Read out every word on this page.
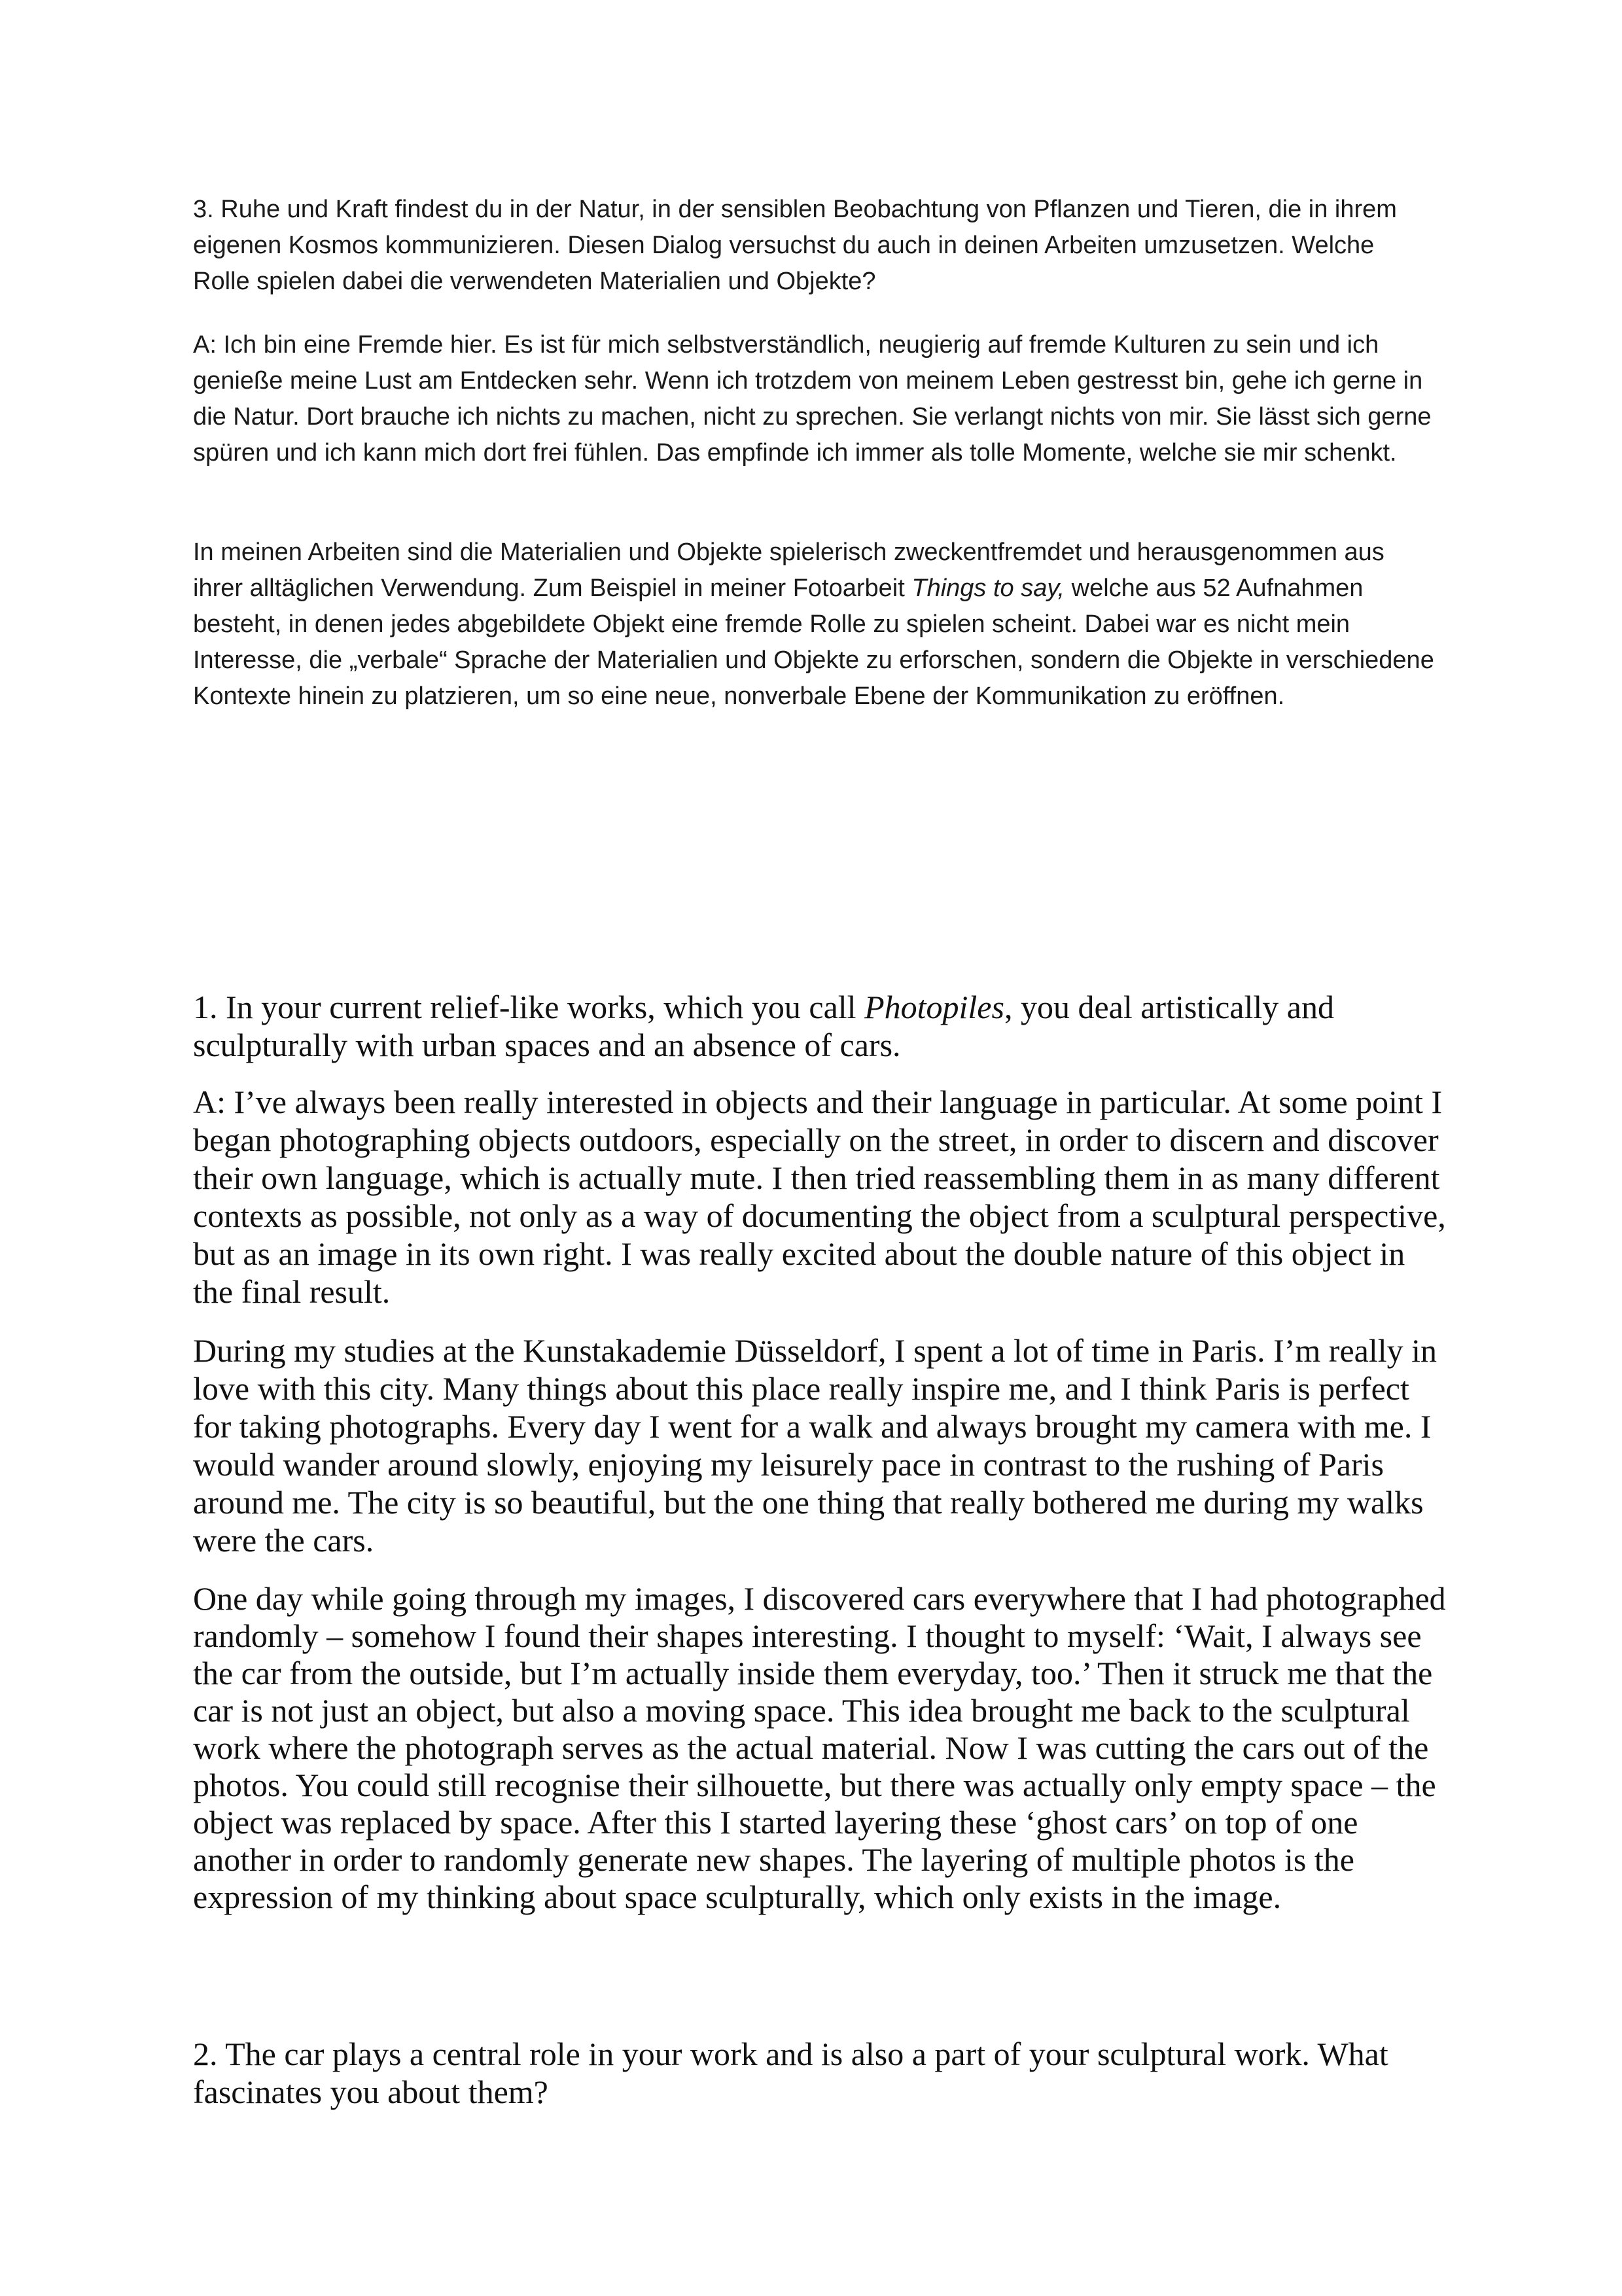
3. Ruhe und Kraft findest du in der Natur, in der sensiblen Beobachtung von Pflanzen und Tieren, die in ihrem eigenen Kosmos kommunizieren. Diesen Dialog versuchst du auch in deinen Arbeiten umzusetzen. Welche Rolle spielen dabei die verwendeten Materialien und Objekte?

A: Ich bin eine Fremde hier. Es ist für mich selbstverständlich, neugierig auf fremde Kulturen zu sein und ich genieße meine Lust am Entdecken sehr. Wenn ich trotzdem von meinem Leben gestresst bin, gehe ich gerne in die Natur. Dort brauche ich nichts zu machen, nicht zu sprechen. Sie verlangt nichts von mir. Sie lässt sich gerne spüren und ich kann mich dort frei fühlen. Das empfinde ich immer als tolle Momente, welche sie mir schenkt.

In meinen Arbeiten sind die Materialien und Objekte spielerisch zweckentfremdet und herausgenommen aus ihrer alltäglichen Verwendung. Zum Beispiel in meiner Fotoarbeit Things to say, welche aus 52 Aufnahmen besteht, in denen jedes abgebildete Objekt eine fremde Rolle zu spielen scheint. Dabei war es nicht mein Interesse, die „verbale“ Sprache der Materialien und Objekte zu erforschen, sondern die Objekte in verschiedene Kontexte hinein zu platzieren, um so eine neue, nonverbale Ebene der Kommunikation zu eröffnen.

1. In your current relief-like works, which you call Photopiles, you deal artistically and sculpturally with urban spaces and an absence of cars.

A: I’ve always been really interested in objects and their language in particular. At some point I began photographing objects outdoors, especially on the street, in order to discern and discover their own language, which is actually mute. I then tried reassembling them in as many different contexts as possible, not only as a way of documenting the object from a sculptural perspective, but as an image in its own right. I was really excited about the double nature of this object in the final result.

During my studies at the Kunstakademie Düsseldorf, I spent a lot of time in Paris. I’m really in love with this city. Many things about this place really inspire me, and I think Paris is perfect for taking photographs. Every day I went for a walk and always brought my camera with me. I would wander around slowly, enjoying my leisurely pace in contrast to the rushing of Paris around me. The city is so beautiful, but the one thing that really bothered me during my walks were the cars.

One day while going through my images, I discovered cars everywhere that I had photographed randomly – somehow I found their shapes interesting. I thought to myself: ‘Wait, I always see the car from the outside, but I’m actually inside them everyday, too.’ Then it struck me that the car is not just an object, but also a moving space. This idea brought me back to the sculptural work where the photograph serves as the actual material. Now I was cutting the cars out of the photos. You could still recognise their silhouette, but there was actually only empty space – the object was replaced by space. After this I started layering these ‘ghost cars’ on top of one another in order to randomly generate new shapes. The layering of multiple photos is the expression of my thinking about space sculpturally, which only exists in the image.

2. The car plays a central role in your work and is also a part of your sculptural work. What fascinates you about them?
